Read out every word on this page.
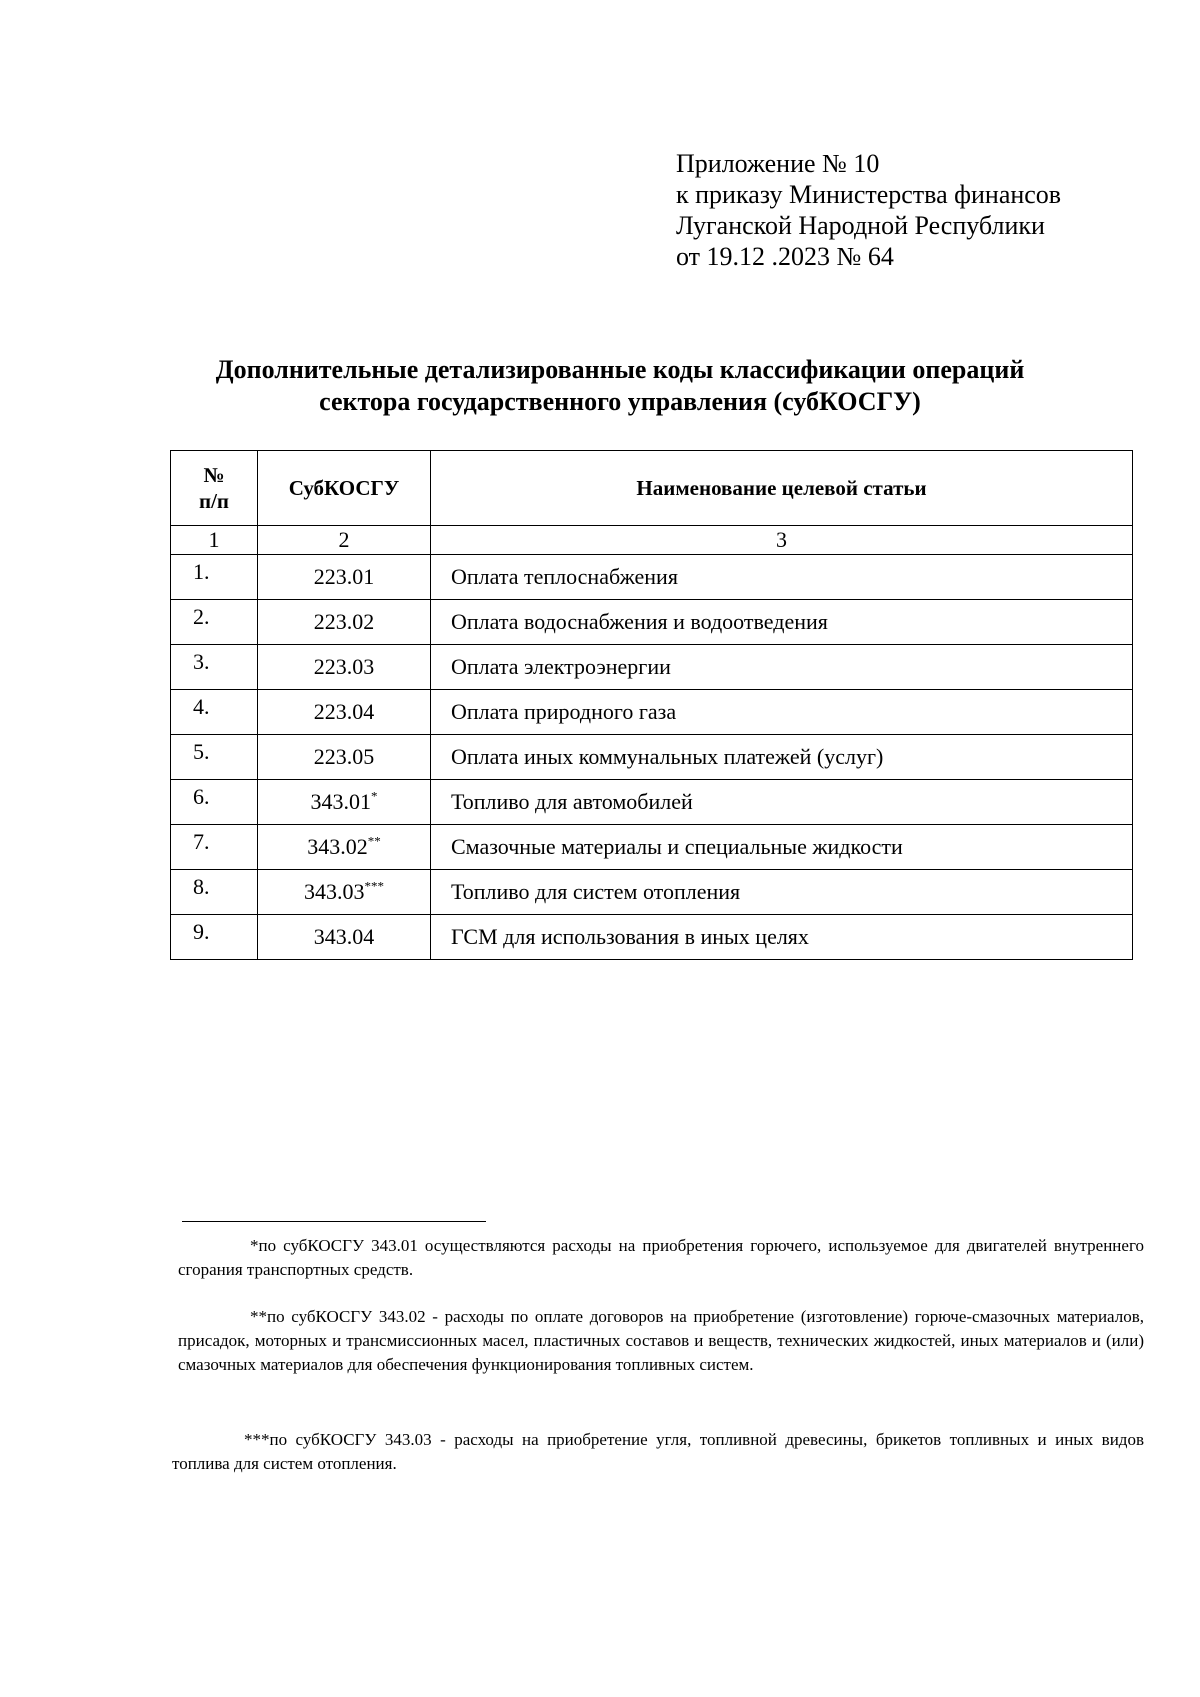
Приложение № 10
к приказу Министерства финансов
Луганской Народной Республики
от 19.12 .2023 № 64
Дополнительные детализированные коды классификации операций
сектора государственного управления (субКОСГУ)
№
п/п	СубКОСГУ	Наименование целевой статьи
1	2	3
1.	223.01	Оплата теплоснабжения
2.	223.02	Оплата водоснабжения и водоотведения
3.	223.03	Оплата электроэнергии
4.	223.04	Оплата природного газа
5.	223.05	Оплата иных коммунальных платежей (услуг)
6.	343.01*	Топливо для автомобилей
7.	343.02**	Смазочные материалы и специальные жидкости
8.	343.03***	Топливо для систем отопления
9.	343.04	ГСМ для использования в иных целях
*по субКОСГУ 343.01 осуществляются расходы на приобретения горючего, используемое для двигателей внутреннего сгорания транспортных средств.
**по субКОСГУ 343.02 - расходы по оплате договоров на приобретение (изготовление) горюче-смазочных материалов, присадок, моторных и трансмиссионных масел, пластичных составов и веществ, технических жидкостей, иных материалов и (или) смазочных материалов для обеспечения функционирования топливных систем.
***по субКОСГУ 343.03 - расходы на приобретение угля, топливной древесины, брикетов топливных и иных видов топлива для систем отопления.
